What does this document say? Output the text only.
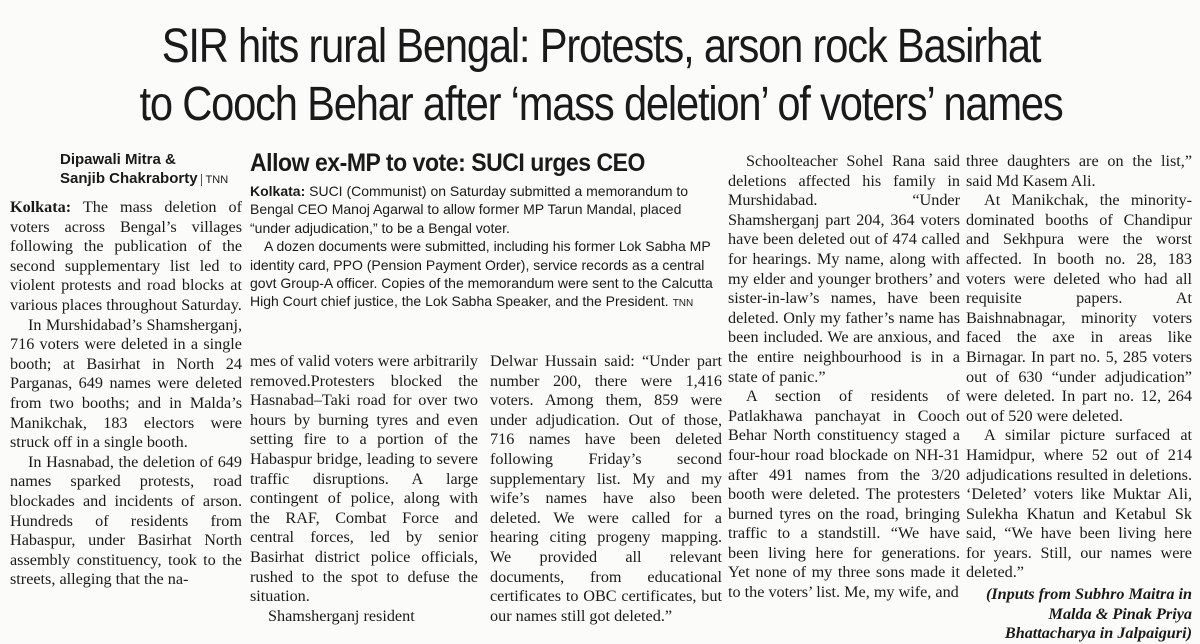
SIR hits rural Bengal: Protests, arson rock Basirhat
to Cooch Behar after ‘mass deletion’ of voters’ names
Dipawali Mitra &
Sanjib Chakraborty TNN
Allow ex-MP to vote: SUCI urges CEO

Kolkata: SUCI (Communist) on Saturday submitted a memorandum to Bengal CEO Manoj Agarwal to allow former MP Tarun Mandal, placed “under adjudication,” to be a Bengal voter.

A dozen documents were submitted, including his former Lok Sabha MP identity card, PPO (Pension Payment Order), service records as a central govt Group-A officer. Copies of the memorandum were sent to the Calcutta High Court chief justice, the Lok Sabha Speaker, and the President. TNN

Kolkata: The mass deletion of voters across Bengal’s villages following the publication of the second supplementary list led to violent protests and road blocks at various places throughout Saturday.

In Murshidabad’s Shamsherganj, 716 voters were deleted in a single booth; at Basirhat in North 24 Parganas, 649 names were deleted from two booths; and in Malda’s Manikchak, 183 electors were struck off in a single booth.

In Hasnabad, the deletion of 649 names sparked protests, road blockades and incidents of arson. Hundreds of residents from Habaspur, under Basirhat North assembly constituency, took to the streets, alleging that the na-

mes of valid voters were arbitrarily removed.Protesters blocked the Hasnabad–Taki road for over two hours by burning tyres and even setting fire to a portion of the Habaspur bridge, leading to severe traffic disruptions. A large contingent of police, along with the RAF, Combat Force and central forces, led by senior Basirhat district police officials, rushed to the spot to defuse the situation.

Shamsherganj resident

Delwar Hussain said: “Under part number 200, there were 1,416 voters. Among them, 859 were under adjudication. Out of those, 716 names have been deleted following Friday’s second supplementary list. My and my wife’s names have also been deleted. We were called for a hearing citing progeny mapping. We provided all relevant documents, from educational certificates to OBC certificates, but our names still got deleted.”

Schoolteacher Sohel Rana said deletions affected his family in Murshidabad. “Under Shamsherganj part 204, 364 voters have been deleted out of 474 called for hearings. My name, along with my elder and younger brothers’ and sister-in-law’s names, have been deleted. Only my father’s name has been included. We are anxious, and the entire neighbourhood is in a state of panic.”

A section of residents of Patlakhawa panchayat in Cooch Behar North constituency staged a four-hour road blockade on NH-31 after 491 names from the 3/20 booth were deleted. The protesters burned tyres on the road, bringing traffic to a standstill. “We have been living here for generations. Yet none of my three sons made it to the voters’ list. Me, my wife, and

three daughters are on the list,” said Md Kasem Ali.

At Manikchak, the minority-dominated booths of Chandipur and Sekhpura were the worst affected. In booth no. 28, 183 voters were deleted who had all requisite papers. At Baishnabnagar, minority voters faced the axe in areas like Birnagar. In part no. 5, 285 voters out of 630 “under adjudication” were deleted. In part no. 12, 264 out of 520 were deleted.

A similar picture surfaced at Hamidpur, where 52 out of 214 adjudications resulted in deletions. ‘Deleted’ voters like Muktar Ali, Sulekha Khatun and Ketabul Sk said, “We have been living here for years. Still, our names were deleted.”

(Inputs from Subhro Maitra in Malda & Pinak Priya Bhattacharya in Jalpaiguri)
